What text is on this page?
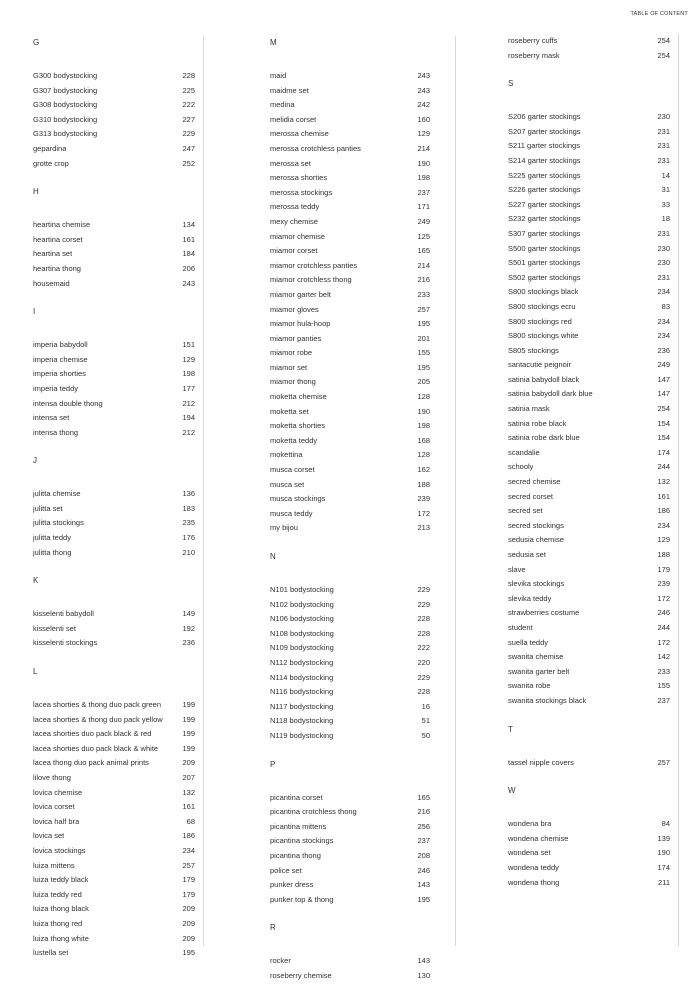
TABLE OF CONTENT
G
G300 bodystocking	228
G307 bodystocking	225
G308 bodystocking	222
G310 bodystocking	227
G313 bodystocking	229
gepardina	247
grotte crop	252
H
heartina chemise	134
heartina corset	161
heartina set	184
heartina thong	206
housemaid	243
I
imperia babydoll	151
imperia chemise	129
imperia shorties	198
imperia teddy	177
intensa double thong	212
intensa set	194
intensa thong	212
J
julitta chemise	136
julitta set	183
julitta stockings	235
julitta teddy	176
julitta thong	210
K
kisselenti babydoll	149
kisselenti set	192
kisselenti stockings	236
L
lacea shorties & thong duo pack green	199
lacea shorties & thong duo pack yellow	199
lacea shorties duo pack black & red	199
lacea shorties duo pack black & white	199
lacea thong duo pack animal prints	209
lilove thong	207
lovica chemise	132
lovica corset	161
lovica half bra	68
lovica set	186
lovica stockings	234
luiza mittens	257
luiza teddy black	179
luiza teddy red	179
luiza thong black	209
luiza thong red	209
luiza thong white	209
lustella set	195
M
maid	243
maidme set	243
medina	242
melidia corset	160
merossa chemise	129
merossa crotchless panties	214
merossa set	190
merossa shorties	198
merossa stockings	237
merossa teddy	171
mexy chemise	249
miamor chemise	125
miamor corset	165
miamor crotchless panties	214
miamor crotchless thong	216
miamor garter belt	233
miamor gloves	257
miamor hula-hoop	195
miamor panties	201
miamor robe	155
miamor set	195
miamor thong	205
moketta chemise	128
moketta set	190
moketta shorties	198
moketta teddy	168
mokettina	128
musca corset	162
musca set	188
musca stockings	239
musca teddy	172
my bijou	213
N
N101 bodystocking	229
N102 bodystocking	229
N106 bodystocking	228
N108 bodystocking	228
N109 bodystocking	222
N112 bodystocking	220
N114 bodystocking	229
N116 bodystocking	228
N117 bodystocking	16
N118 bodystocking	51
N119 bodystocking	50
P
picantina corset	165
picantina crotchless thong	216
picantina mittens	256
picantina stockings	237
picantina thong	208
police set	246
punker dress	143
punker top & thong	195
R
rocker	143
roseberry chemise	130
roseberry cuffs	254
roseberry mask	254
S
S206 garter stockings	230
S207 garter stockings	231
S211 garter stockings	231
S214 garter stockings	231
S225 garter stockings	14
S226 garter stockings	31
S227 garter stockings	33
S232 garter stockings	18
S307 garter stockings	231
S500 garter stockings	230
S501 garter stockings	230
S502 garter stockings	231
S800 stockings black	234
S800 stockings ecru	83
S800 stockings red	234
S800 stockings white	234
S805 stockings	236
santacutie peignoir	249
satinia babydoll black	147
satinia babydoll dark blue	147
satinia mask	254
satinia robe black	154
satinia robe dark blue	154
scandalie	174
schooly	244
secred chemise	132
secred corset	161
secred set	186
secred stockings	234
sedusia chemise	129
sedusia set	188
slave	179
slevika stockings	239
slevika teddy	172
strawberries costume	246
student	244
suella teddy	172
swanita chemise	142
swanita garter belt	233
swanita robe	155
swanita stockings black	237
T
tassel nipple covers	257
W
wondena bra	84
wondena chemise	139
wondena set	190
wondena teddy	174
wondena thong	211
